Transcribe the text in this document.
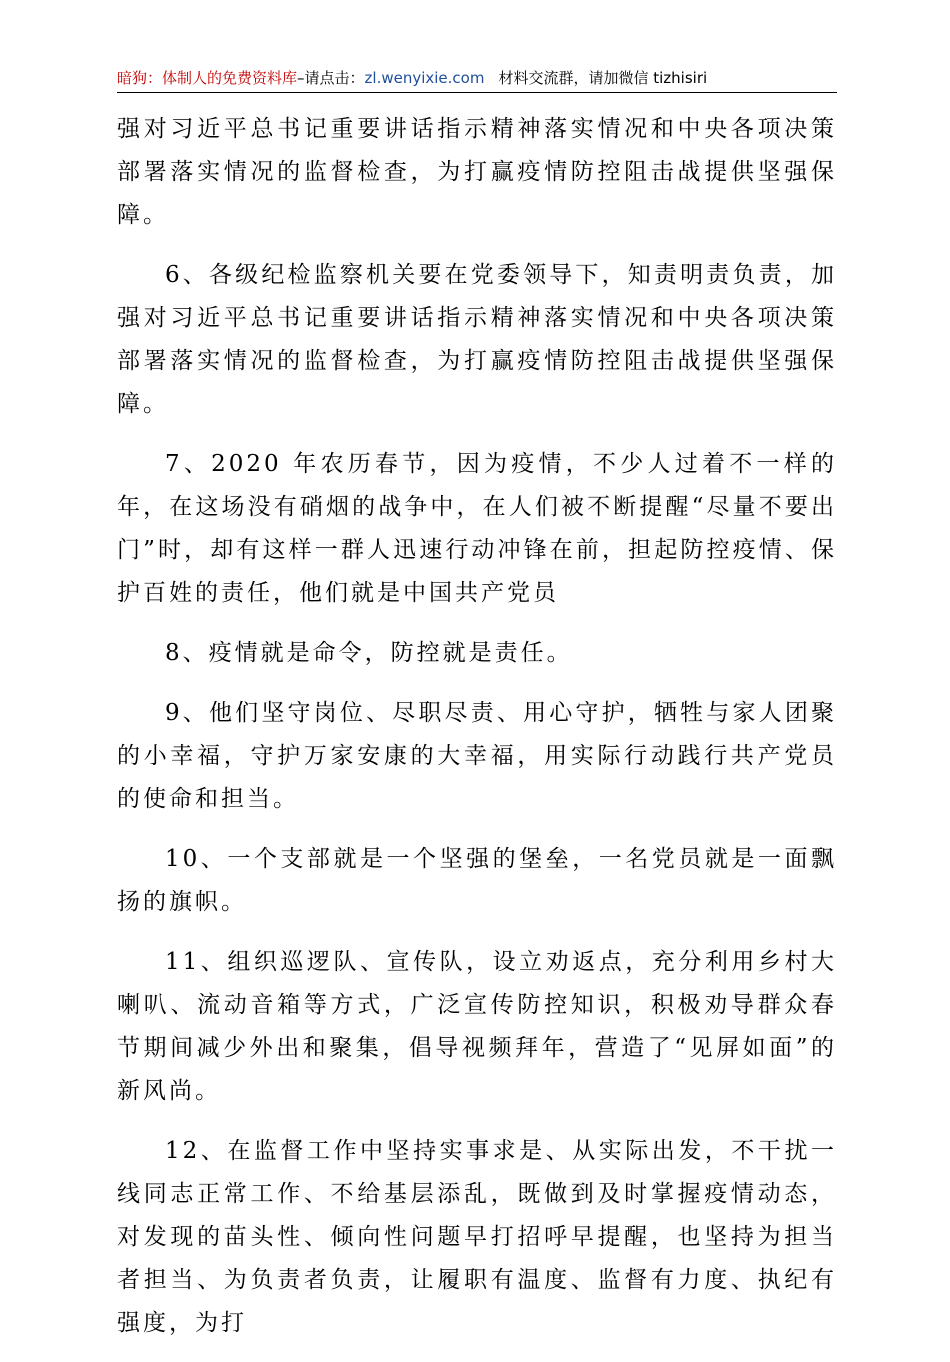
暗狗：体制人的免费资料库–请点击：zl.wenyixie.com 材料交流群，请加微信 tizhisiri

强对习近平总书记重要讲话指示精神落实情况和中央各项决策部署落实情况的监督检查，为打赢疫情防控阻击战提供坚强保障。

6、各级纪检监察机关要在党委领导下，知责明责负责，加强对习近平总书记重要讲话指示精神落实情况和中央各项决策部署落实情况的监督检查，为打赢疫情防控阻击战提供坚强保障。

7、2020 年农历春节，因为疫情，不少人过着不一样的年，在这场没有硝烟的战争中，在人们被不断提醒“尽量不要出门”时，却有这样一群人迅速行动冲锋在前，担起防控疫情、保护百姓的责任，他们就是中国共产党员

8、疫情就是命令，防控就是责任。

9、他们坚守岗位、尽职尽责、用心守护，牺牲与家人团聚的小幸福，守护万家安康的大幸福，用实际行动践行共产党员的使命和担当。

10、一个支部就是一个坚强的堡垒，一名党员就是一面飘扬的旗帜。

11、组织巡逻队、宣传队，设立劝返点，充分利用乡村大喇叭、流动音箱等方式，广泛宣传防控知识，积极劝导群众春节期间减少外出和聚集，倡导视频拜年，营造了“见屏如面”的新风尚。

12、在监督工作中坚持实事求是、从实际出发，不干扰一线同志正常工作、不给基层添乱，既做到及时掌握疫情动态，对发现的苗头性、倾向性问题早打招呼早提醒，也坚持为担当者担当、为负责者负责，让履职有温度、监督有力度、执纪有强度，为打
